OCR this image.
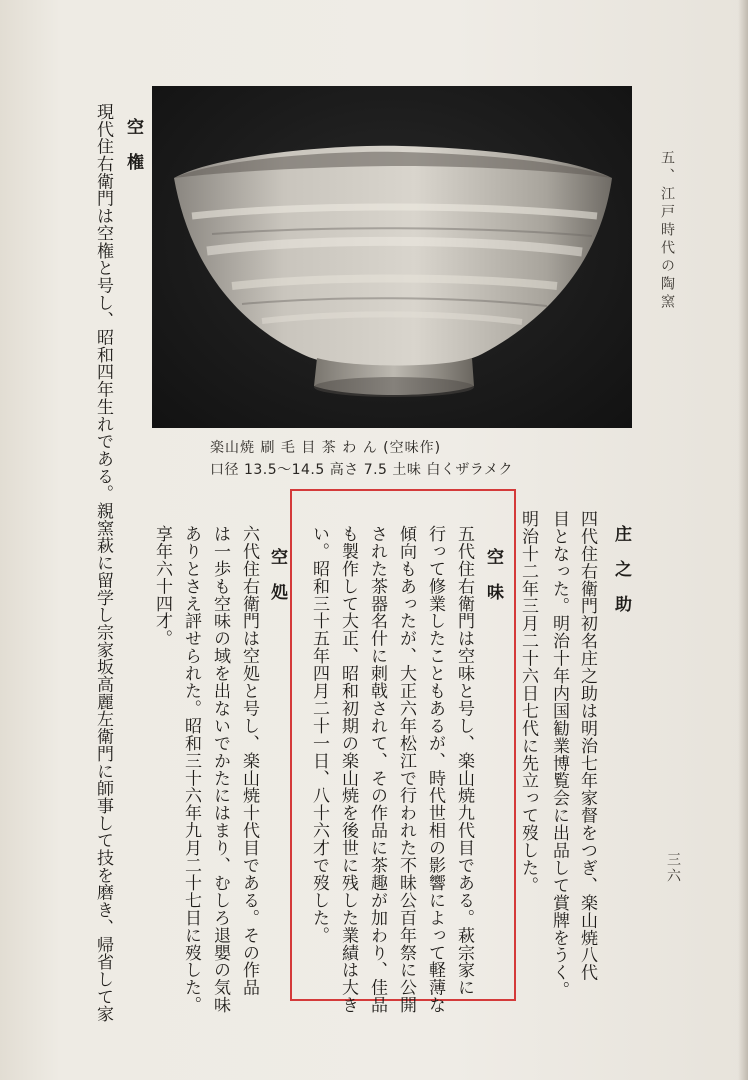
五、江戸時代の陶窯
三六
楽山焼 刷 毛 目 茶 わ ん (空味作)
口径 13.5〜14.5 高さ 7.5 土味 白くザラメク
庄之助
四代住右衛門初名庄之助は明治七年家督をつぎ、楽山焼八代
目となった。明治十年内国勧業博覧会に出品して賞牌をうく。
明治十二年三月二十六日七代に先立って歿した。
空味
五代住右衛門は空味と号し、楽山焼九代目である。萩宗家に
行って修業したこともあるが、時代世相の影響によって軽薄な
傾向もあったが、大正六年松江で行われた不昧公百年祭に公開
された茶器名什に刺戟されて、その作品に茶趣が加わり、佳品
も製作して大正、昭和初期の楽山焼を後世に残した業績は大き
い。昭和三十五年四月二十一日、八十六才で歿した。
空処
六代住右衛門は空処と号し、楽山焼十代目である。その作品
は一歩も空味の域を出ないでかたにはまり、むしろ退嬰の気味
ありとさえ評せられた。昭和三十六年九月二十七日に歿した。
享年六十四才。
空権
現代住右衛門は空権と号し、昭和四年生れである。親窯萩に留学し宗家坂高麗左衛門に師事して技を磨き、帰省して家
